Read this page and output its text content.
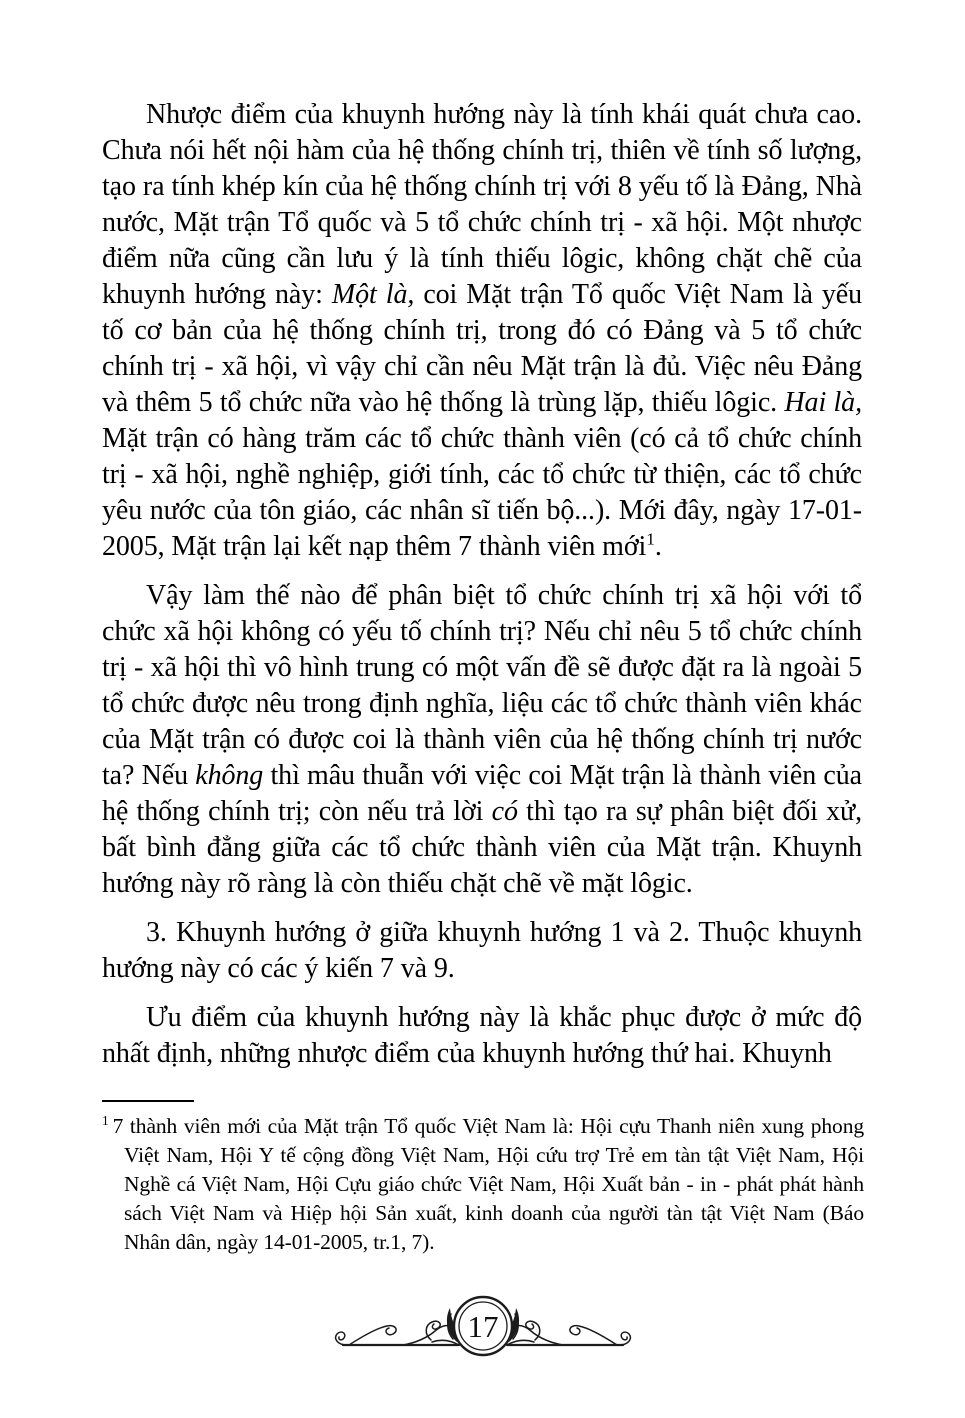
Nhược điểm của khuynh hướng này là tính khái quát chưa cao. Chưa nói hết nội hàm của hệ thống chính trị, thiên về tính số lượng, tạo ra tính khép kín của hệ thống chính trị với 8 yếu tố là Đảng, Nhà nước, Mặt trận Tổ quốc và 5 tổ chức chính trị - xã hội. Một nhược điểm nữa cũng cần lưu ý là tính thiếu lôgic, không chặt chẽ của khuynh hướng này: Một là, coi Mặt trận Tổ quốc Việt Nam là yếu tố cơ bản của hệ thống chính trị, trong đó có Đảng và 5 tổ chức chính trị - xã hội, vì vậy chỉ cần nêu Mặt trận là đủ. Việc nêu Đảng và thêm 5 tổ chức nữa vào hệ thống là trùng lặp, thiếu lôgic. Hai là, Mặt trận có hàng trăm các tổ chức thành viên (có cả tổ chức chính trị - xã hội, nghề nghiệp, giới tính, các tổ chức từ thiện, các tổ chức yêu nước của tôn giáo, các nhân sĩ tiến bộ...). Mới đây, ngày 17-01-2005, Mặt trận lại kết nạp thêm 7 thành viên mới$^1$.

Vậy làm thế nào để phân biệt tổ chức chính trị xã hội với tổ chức xã hội không có yếu tố chính trị? Nếu chỉ nêu 5 tổ chức chính trị - xã hội thì vô hình trung có một vấn đề sẽ được đặt ra là ngoài 5 tổ chức được nêu trong định nghĩa, liệu các tổ chức thành viên khác của Mặt trận có được coi là thành viên của hệ thống chính trị nước ta? Nếu không thì mâu thuẫn với việc coi Mặt trận là thành viên của hệ thống chính trị; còn nếu trả lời có thì tạo ra sự phân biệt đối xử, bất bình đẳng giữa các tổ chức thành viên của Mặt trận. Khuynh hướng này rõ ràng là còn thiếu chặt chẽ về mặt lôgic.

3. Khuynh hướng ở giữa khuynh hướng 1 và 2. Thuộc khuynh hướng này có các ý kiến 7 và 9.

Ưu điểm của khuynh hướng này là khắc phục được ở mức độ nhất định, những nhược điểm của khuynh hướng thứ hai. Khuynh

$^1$ 7 thành viên mới của Mặt trận Tổ quốc Việt Nam là: Hội cựu Thanh niên xung phong Việt Nam, Hội Y tế cộng đồng Việt Nam, Hội cứu trợ Trẻ em tàn tật Việt Nam, Hội Nghề cá Việt Nam, Hội Cựu giáo chức Việt Nam, Hội Xuất bản - in - phát phát hành sách Việt Nam và Hiệp hội Sản xuất, kinh doanh của người tàn tật Việt Nam (Báo Nhân dân, ngày 14-01-2005, tr.1, 7).

17
